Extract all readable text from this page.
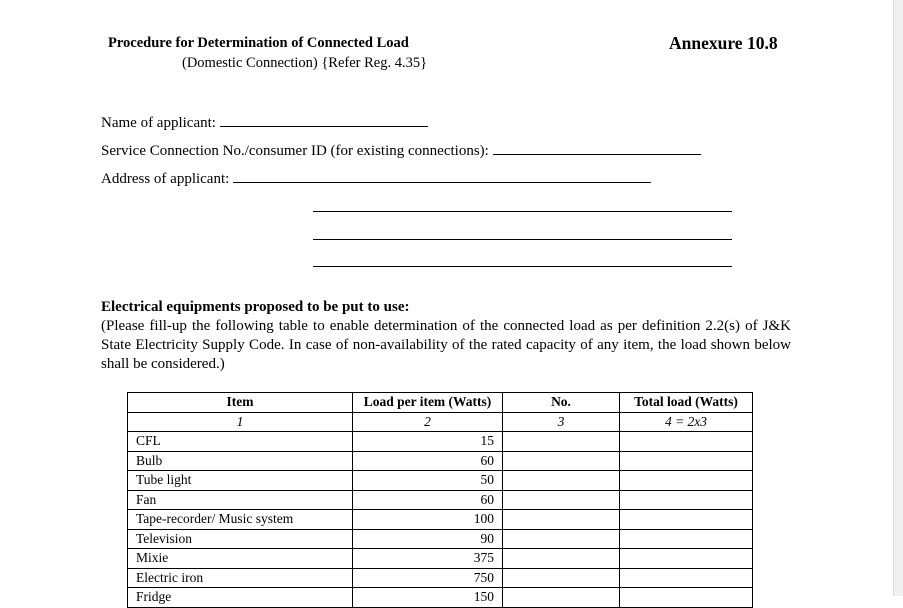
Procedure for Determination of Connected Load
(Domestic Connection) {Refer Reg. 4.35}
Annexure 10.8
Name of applicant:
Service Connection No./consumer ID (for existing connections):
Address of applicant:
Electrical equipments proposed to be put to use:
(Please fill-up the following table to enable determination of the connected load as per definition 2.2(s) of J&K State Electricity Supply Code. In case of non-availability of the rated capacity of any item, the load shown below shall be considered.)
Item	Load per item (Watts)	No.	Total load (Watts)
1	2	3	4 = 2x3
CFL	15		
Bulb	60		
Tube light	50		
Fan	60		
Tape-recorder/ Music system	100		
Television	90		
Mixie	375		
Electric iron	750		
Fridge	150		
